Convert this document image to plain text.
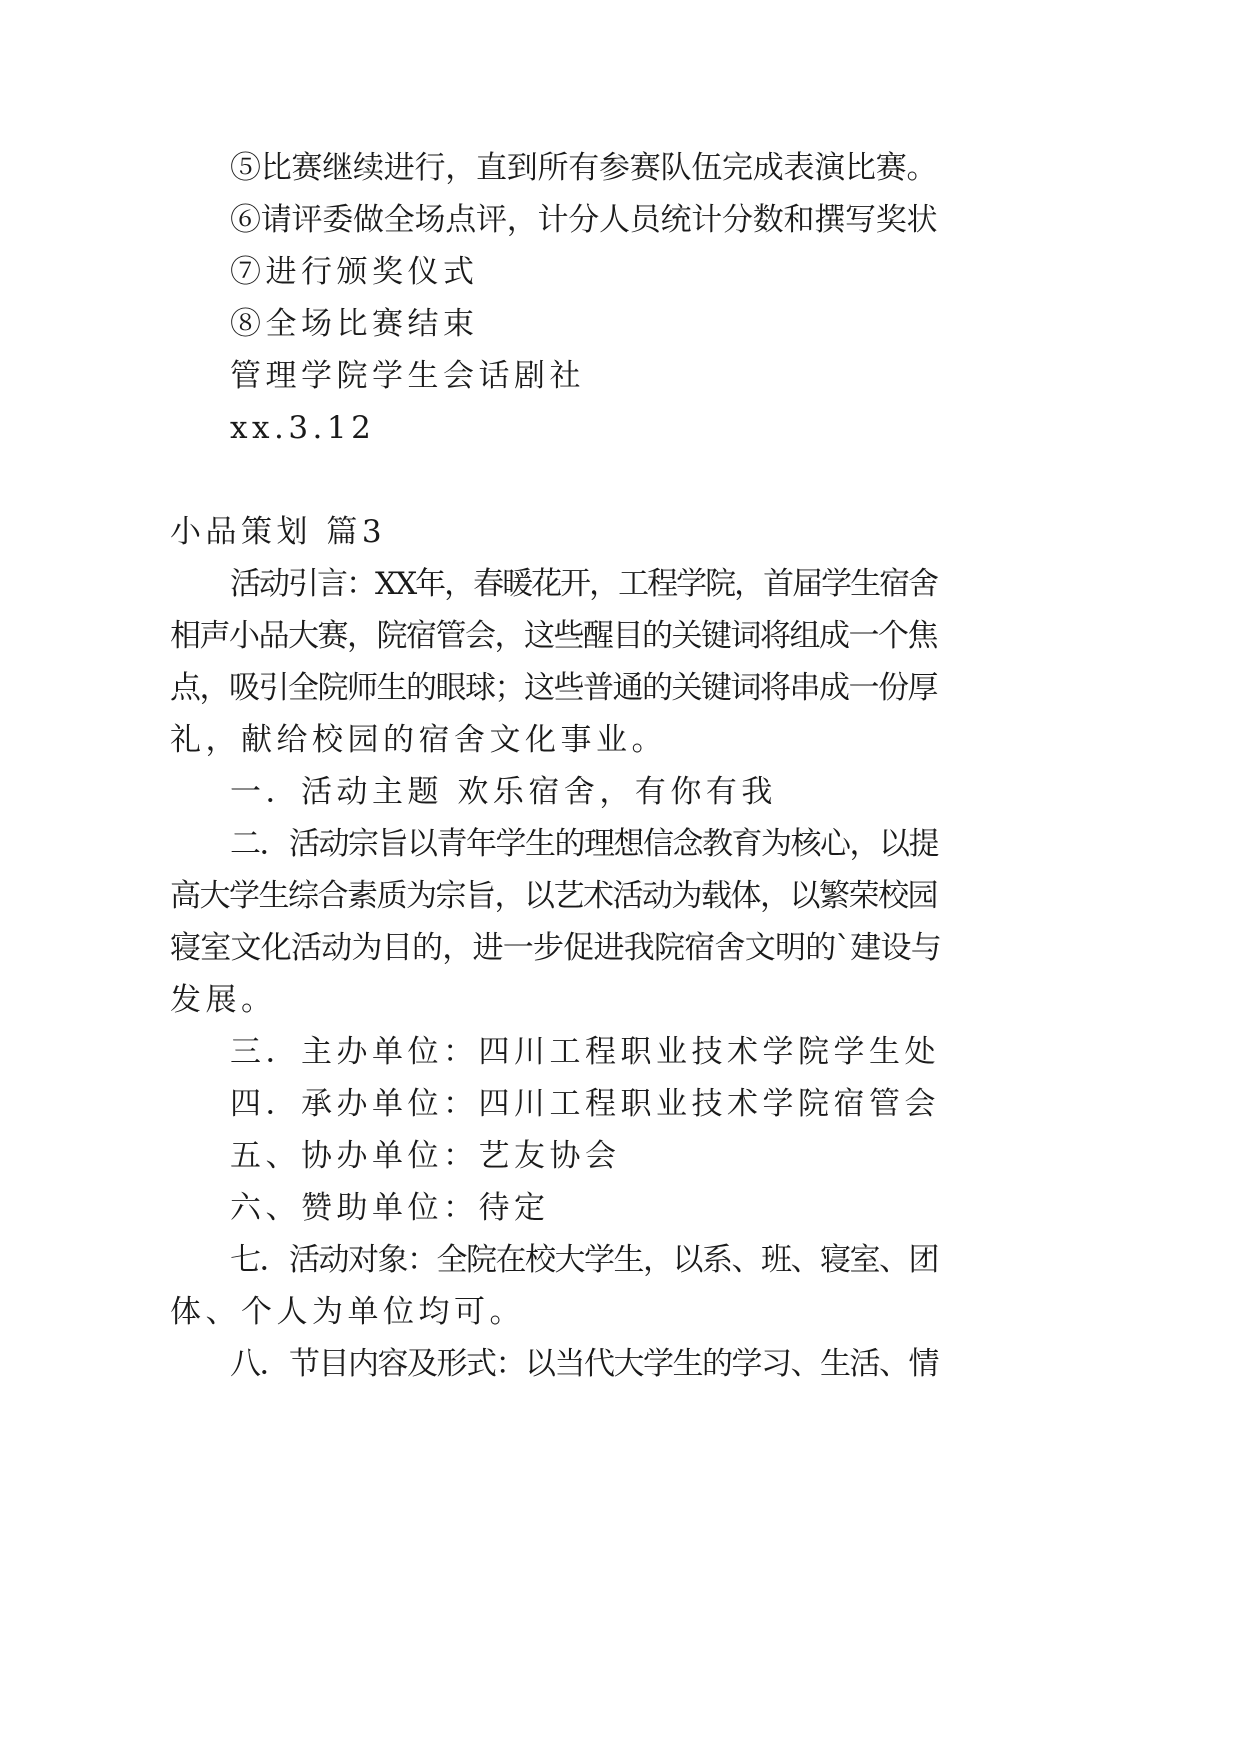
⑤比赛继续进行，直到所有参赛队伍完成表演比赛。
⑥请评委做全场点评，计分人员统计分数和撰写奖状
⑦进行颁奖仪式
⑧全场比赛结束
管理学院学生会话剧社
xx.3.12
小品策划 篇3
活动引言：XX年，春暖花开，工程学院，首届学生宿舍
相声小品大赛，院宿管会，这些醒目的关键词将组成一个焦
点，吸引全院师生的眼球；这些普通的关键词将串成一份厚
礼，献给校园的宿舍文化事业。
一．活动主题 欢乐宿舍，有你有我
二．活动宗旨以青年学生的理想信念教育为核心，以提
高大学生综合素质为宗旨，以艺术活动为载体，以繁荣校园
寝室文化活动为目的，进一步促进我院宿舍文明的`建设与
发展。
三．主办单位：四川工程职业技术学院学生处
四．承办单位：四川工程职业技术学院宿管会
五、协办单位：艺友协会
六、赞助单位：待定
七．活动对象：全院在校大学生，以系、班、寝室、团
体、个人为单位均可。
八．节目内容及形式：以当代大学生的学习、生活、情
